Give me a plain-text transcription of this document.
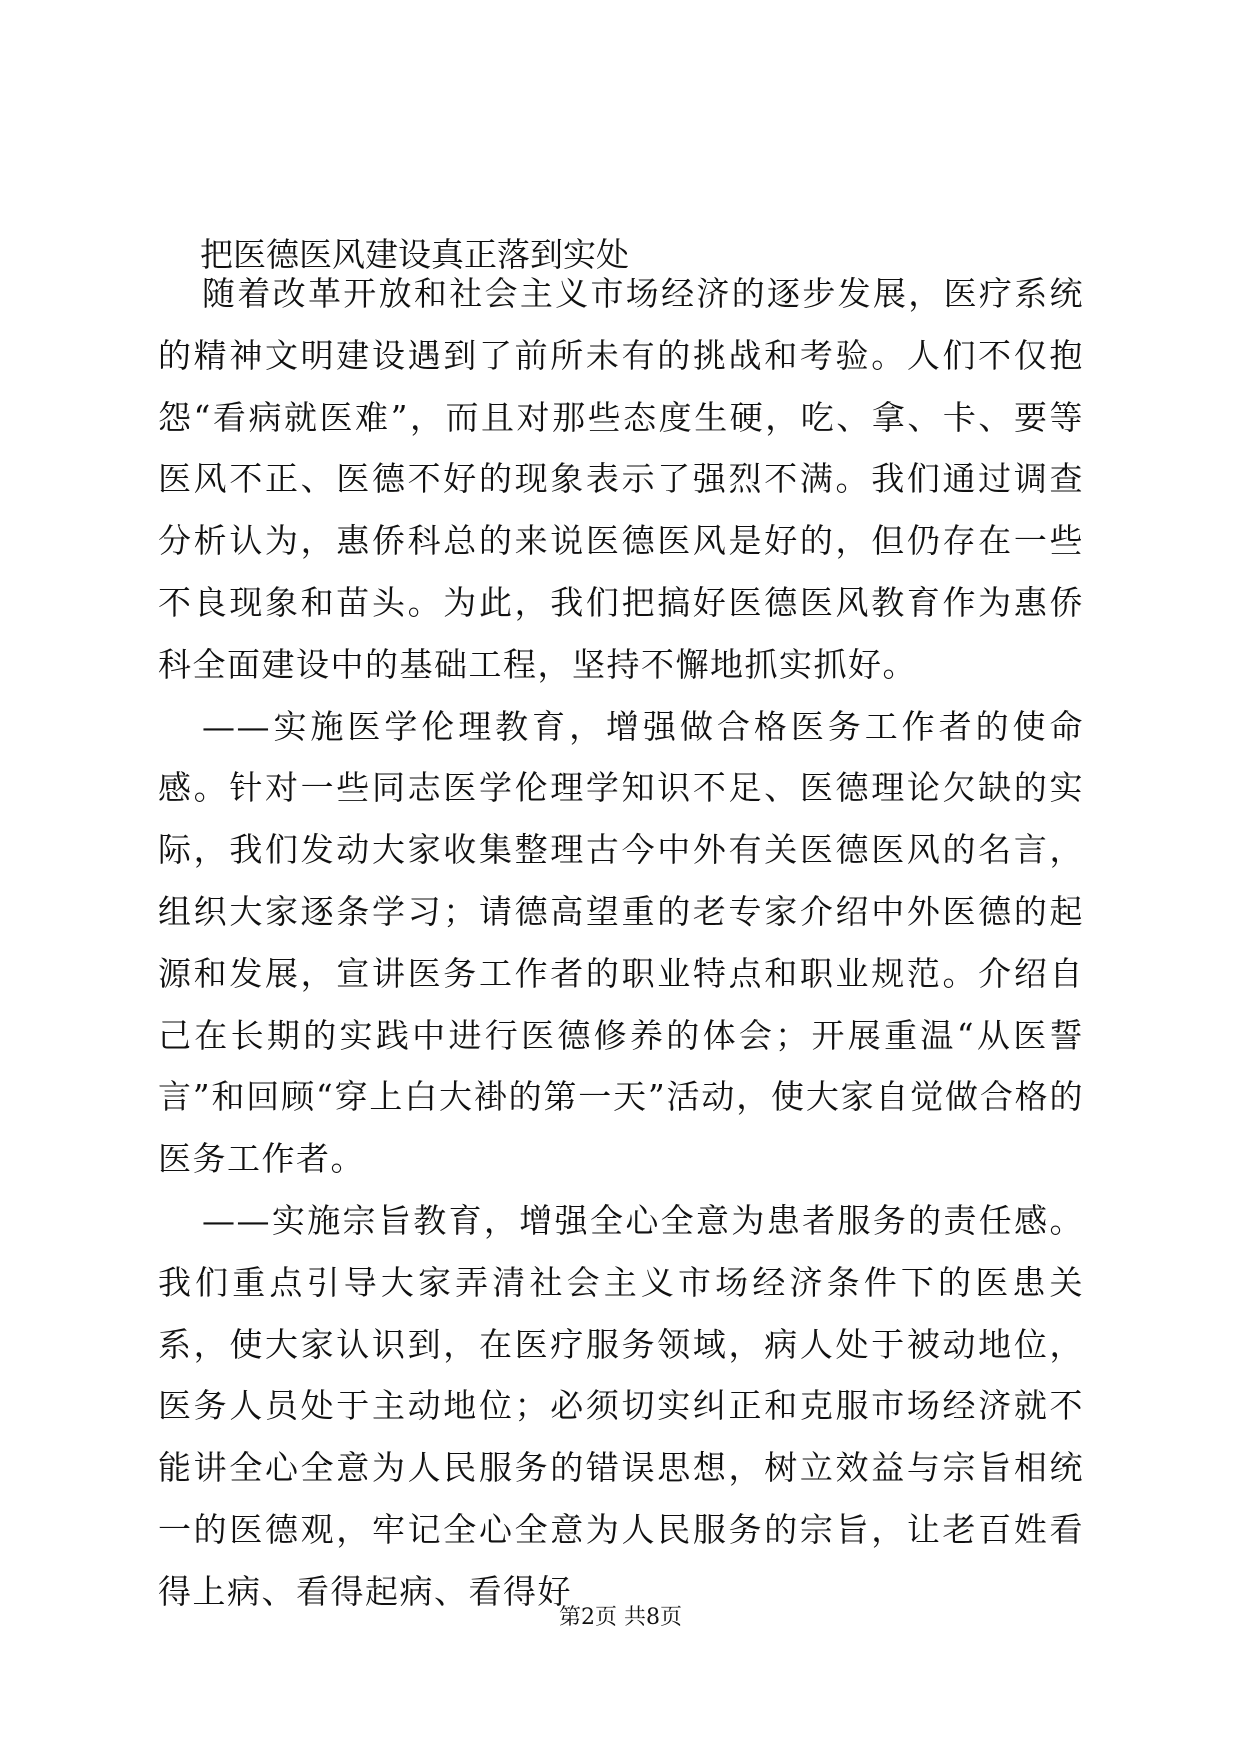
把医德医风建设真正落到实处

随着改革开放和社会主义市场经济的逐步发展，医疗系统的精神文明建设遇到了前所未有的挑战和考验。人们不仅抱怨“看病就医难”，而且对那些态度生硬，吃、拿、卡、要等医风不正、医德不好的现象表示了强烈不满。我们通过调查分析认为，惠侨科总的来说医德医风是好的，但仍存在一些不良现象和苗头。为此，我们把搞好医德医风教育作为惠侨科全面建设中的基础工程，坚持不懈地抓实抓好。

——实施医学伦理教育，增强做合格医务工作者的使命感。针对一些同志医学伦理学知识不足、医德理论欠缺的实际，我们发动大家收集整理古今中外有关医德医风的名言，组织大家逐条学习；请德高望重的老专家介绍中外医德的起源和发展，宣讲医务工作者的职业特点和职业规范。介绍自己在长期的实践中进行医德修养的体会；开展重温“从医誓言”和回顾“穿上白大褂的第一天”活动，使大家自觉做合格的医务工作者。

——实施宗旨教育，增强全心全意为患者服务的责任感。我们重点引导大家弄清社会主义市场经济条件下的医患关系，使大家认识到，在医疗服务领域，病人处于被动地位，医务人员处于主动地位；必须切实纠正和克服市场经济就不能讲全心全意为人民服务的错误思想，树立效益与宗旨相统一的医德观，牢记全心全意为人民服务的宗旨，让老百姓看得上病、看得起病、看得好

第2页 共8页
